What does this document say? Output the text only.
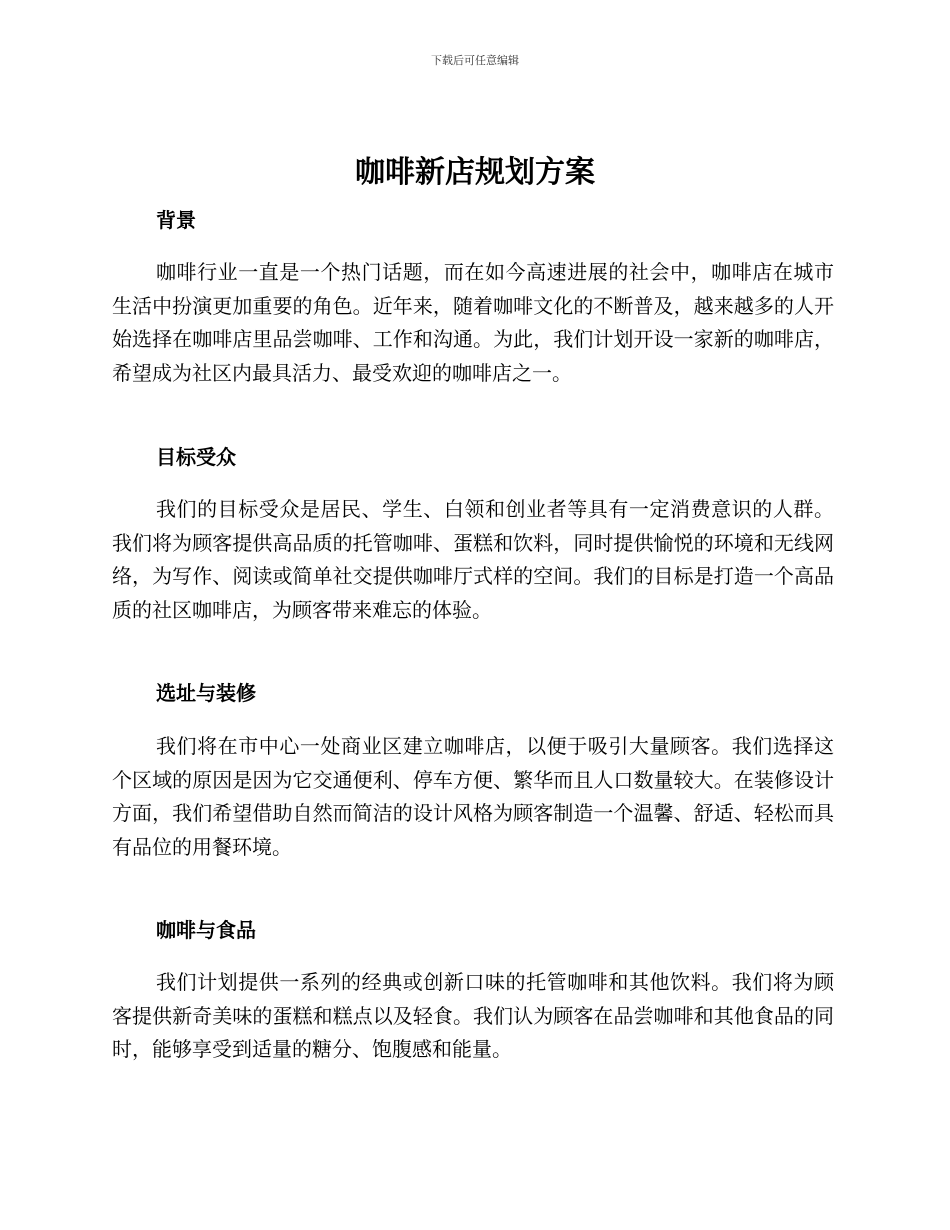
下载后可任意编辑
咖啡新店规划方案
背景

咖啡行业一直是一个热门话题，而在如今高速进展的社会中，咖啡店在城市生活中扮演更加重要的角色。近年来，随着咖啡文化的不断普及，越来越多的人开始选择在咖啡店里品尝咖啡、工作和沟通。为此，我们计划开设一家新的咖啡店，希望成为社区内最具活力、最受欢迎的咖啡店之一。

目标受众

我们的目标受众是居民、学生、白领和创业者等具有一定消费意识的人群。我们将为顾客提供高品质的托管咖啡、蛋糕和饮料，同时提供愉悦的环境和无线网络，为写作、阅读或简单社交提供咖啡厅式样的空间。我们的目标是打造一个高品质的社区咖啡店，为顾客带来难忘的体验。

选址与装修

我们将在市中心一处商业区建立咖啡店，以便于吸引大量顾客。我们选择这个区域的原因是因为它交通便利、停车方便、繁华而且人口数量较大。在装修设计方面，我们希望借助自然而简洁的设计风格为顾客制造一个温馨、舒适、轻松而具有品位的用餐环境。

咖啡与食品

我们计划提供一系列的经典或创新口味的托管咖啡和其他饮料。我们将为顾客提供新奇美味的蛋糕和糕点以及轻食。我们认为顾客在品尝咖啡和其他食品的同时，能够享受到适量的糖分、饱腹感和能量。
